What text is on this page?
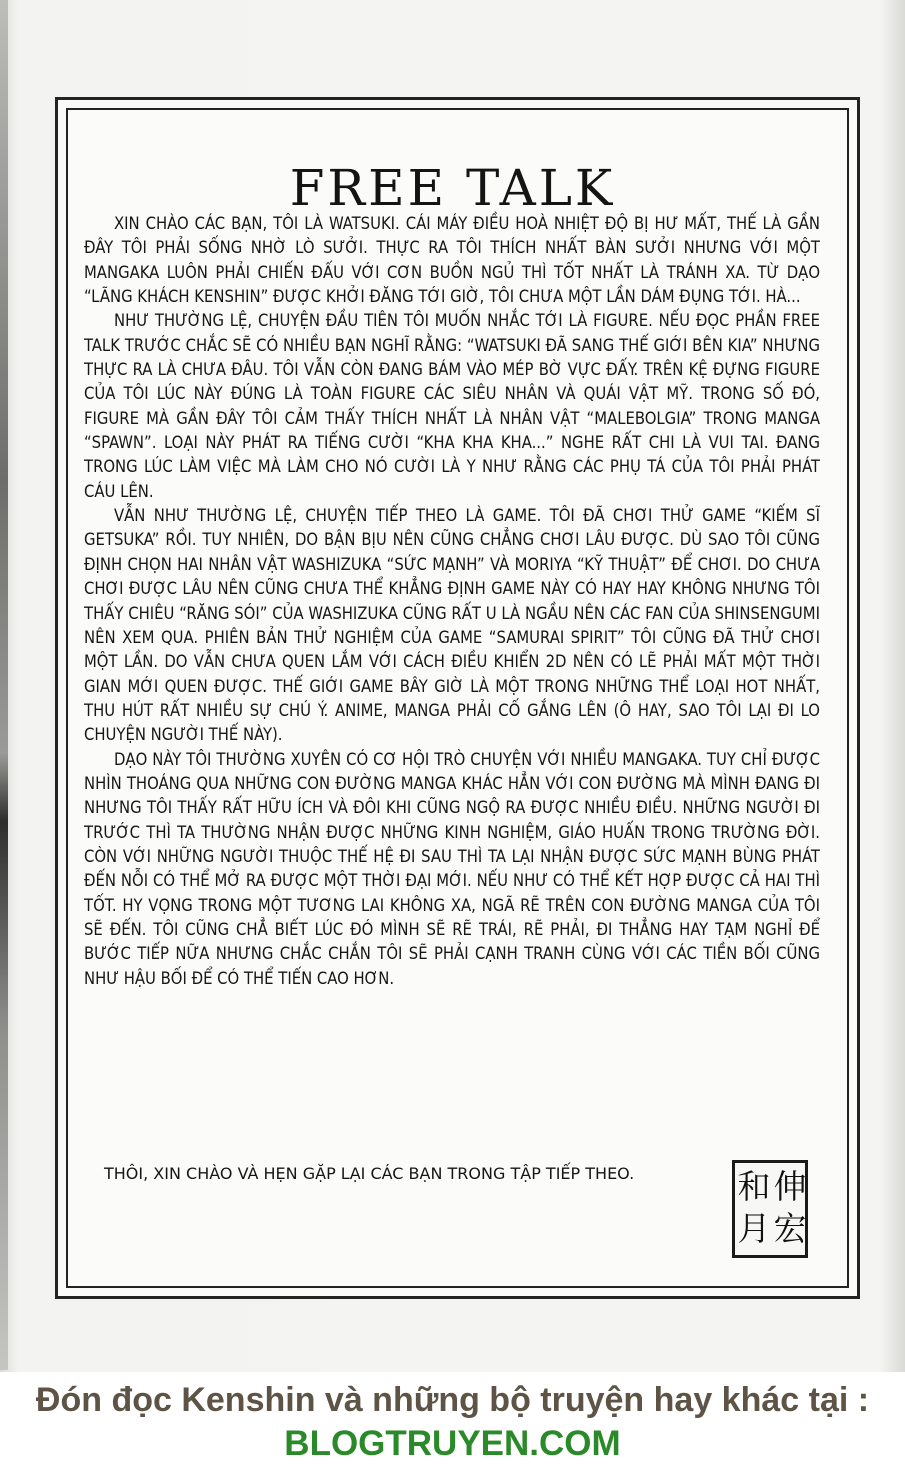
FREE TALK

XIN CHÀO CÁC BẠN, TÔI LÀ WATSUKI. CÁI MÁY ĐIỀU HOÀ NHIỆT ĐỘ BỊ HƯ MẤT, THẾ LÀ GẦN ĐÂY TÔI PHẢI SỐNG NHỜ LÒ SƯỞI. THỰC RA TÔI THÍCH NHẤT BÀN SƯỞI NHƯNG VỚI MỘT MANGAKA LUÔN PHẢI CHIẾN ĐẤU VỚI CƠN BUỒN NGỦ THÌ TỐT NHẤT LÀ TRÁNH XA. TỪ DẠO “LÃNG KHÁCH KENSHIN” ĐƯỢC KHỞI ĐĂNG TỚI GIỜ, TÔI CHƯA MỘT LẦN DÁM ĐỤNG TỚI. HÀ...

NHƯ THƯỜNG LỆ, CHUYỆN ĐẦU TIÊN TÔI MUỐN NHẮC TỚI LÀ FIGURE. NẾU ĐỌC PHẦN FREE TALK TRƯỚC CHẮC SẼ CÓ NHIỀU BẠN NGHĨ RẰNG: “WATSUKI ĐÃ SANG THẾ GIỚI BÊN KIA” NHƯNG THỰC RA LÀ CHƯA ĐÂU. TÔI VẪN CÒN ĐANG BÁM VÀO MÉP BỜ VỰC ĐẤY. TRÊN KỆ ĐỰNG FIGURE CỦA TÔI LÚC NÀY ĐÚNG LÀ TOÀN FIGURE CÁC SIÊU NHÂN VÀ QUÁI VẬT MỸ. TRONG SỐ ĐÓ, FIGURE MÀ GẦN ĐÂY TÔI CẢM THẤY THÍCH NHẤT LÀ NHÂN VẬT “MALEBOLGIA” TRONG MANGA “SPAWN”. LOẠI NÀY PHÁT RA TIẾNG CƯỜI “KHA KHA KHA...” NGHE RẤT CHI LÀ VUI TAI. ĐANG TRONG LÚC LÀM VIỆC MÀ LÀM CHO NÓ CƯỜI LÀ Y NHƯ RẰNG CÁC PHỤ TÁ CỦA TÔI PHẢI PHÁT CÁU LÊN.

VẪN NHƯ THƯỜNG LỆ, CHUYỆN TIẾP THEO LÀ GAME. TÔI ĐÃ CHƠI THỬ GAME “KIẾM SĨ GETSUKA” RỒI. TUY NHIÊN, DO BẬN BỊU NÊN CŨNG CHẲNG CHƠI LÂU ĐƯỢC. DÙ SAO TÔI CŨNG ĐỊNH CHỌN HAI NHÂN VẬT WASHIZUKA “SỨC MẠNH” VÀ MORIYA “KỸ THUẬT” ĐỂ CHƠI. DO CHƯA CHƠI ĐƯỢC LÂU NÊN CŨNG CHƯA THỂ KHẲNG ĐỊNH GAME NÀY CÓ HAY HAY KHÔNG NHƯNG TÔI THẤY CHIÊU “RĂNG SÓI” CỦA WASHIZUKA CŨNG RẤT U LÀ NGẦU NÊN CÁC FAN CỦA SHINSENGUMI NÊN XEM QUA. PHIÊN BẢN THỬ NGHIỆM CỦA GAME “SAMURAI SPIRIT” TÔI CŨNG ĐÃ THỬ CHƠI MỘT LẦN. DO VẪN CHƯA QUEN LẮM VỚI CÁCH ĐIỀU KHIỂN 2D NÊN CÓ LẼ PHẢI MẤT MỘT THỜI GIAN MỚI QUEN ĐƯỢC. THẾ GIỚI GAME BÂY GIỜ LÀ MỘT TRONG NHỮNG THỂ LOẠI HOT NHẤT, THU HÚT RẤT NHIỀU SỰ CHÚ Ý. ANIME, MANGA PHẢI CỐ GẮNG LÊN (Ô HAY, SAO TÔI LẠI ĐI LO CHUYỆN NGƯỜI THẾ NÀY).

DẠO NÀY TÔI THƯỜNG XUYÊN CÓ CƠ HỘI TRÒ CHUYỆN VỚI NHIỀU MANGAKA. TUY CHỈ ĐƯỢC NHÌN THOÁNG QUA NHỮNG CON ĐƯỜNG MANGA KHÁC HẲN VỚI CON ĐƯỜNG MÀ MÌNH ĐANG ĐI NHƯNG TÔI THẤY RẤT HỮU ÍCH VÀ ĐÔI KHI CŨNG NGỘ RA ĐƯỢC NHIỀU ĐIỀU. NHỮNG NGƯỜI ĐI TRƯỚC THÌ TA THƯỜNG NHẬN ĐƯỢC NHỮNG KINH NGHIỆM, GIÁO HUẤN TRONG TRƯỜNG ĐỜI. CÒN VỚI NHỮNG NGƯỜI THUỘC THẾ HỆ ĐI SAU THÌ TA LẠI NHẬN ĐƯỢC SỨC MẠNH BÙNG PHÁT ĐẾN NỖI CÓ THỂ MỞ RA ĐƯỢC MỘT THỜI ĐẠI MỚI. NẾU NHƯ CÓ THỂ KẾT HỢP ĐƯỢC CẢ HAI THÌ TỐT. HY VỌNG TRONG MỘT TƯƠNG LAI KHÔNG XA, NGÃ RẼ TRÊN CON ĐƯỜNG MANGA CỦA TÔI SẼ ĐẾN. TÔI CŨNG CHẲ BIẾT LÚC ĐÓ MÌNH SẼ RẼ TRÁI, RẼ PHẢI, ĐI THẲNG HAY TẠM NGHỈ ĐỂ BƯỚC TIẾP NỮA NHƯNG CHẮC CHẮN TÔI SẼ PHẢI CẠNH TRANH CÙNG VỚI CÁC TIỀN BỐI CŨNG NHƯ HẬU BỐI ĐỂ CÓ THỂ TIẾN CAO HƠN.

THÔI, XIN CHÀO VÀ HẸN GẶP LẠI CÁC BẠN TRONG TẬP TIẾP THEO.	伸
宏
和
月
Đón đọc Kenshin và những bộ truyện hay khác tại :
BLOGTRUYEN.COM
